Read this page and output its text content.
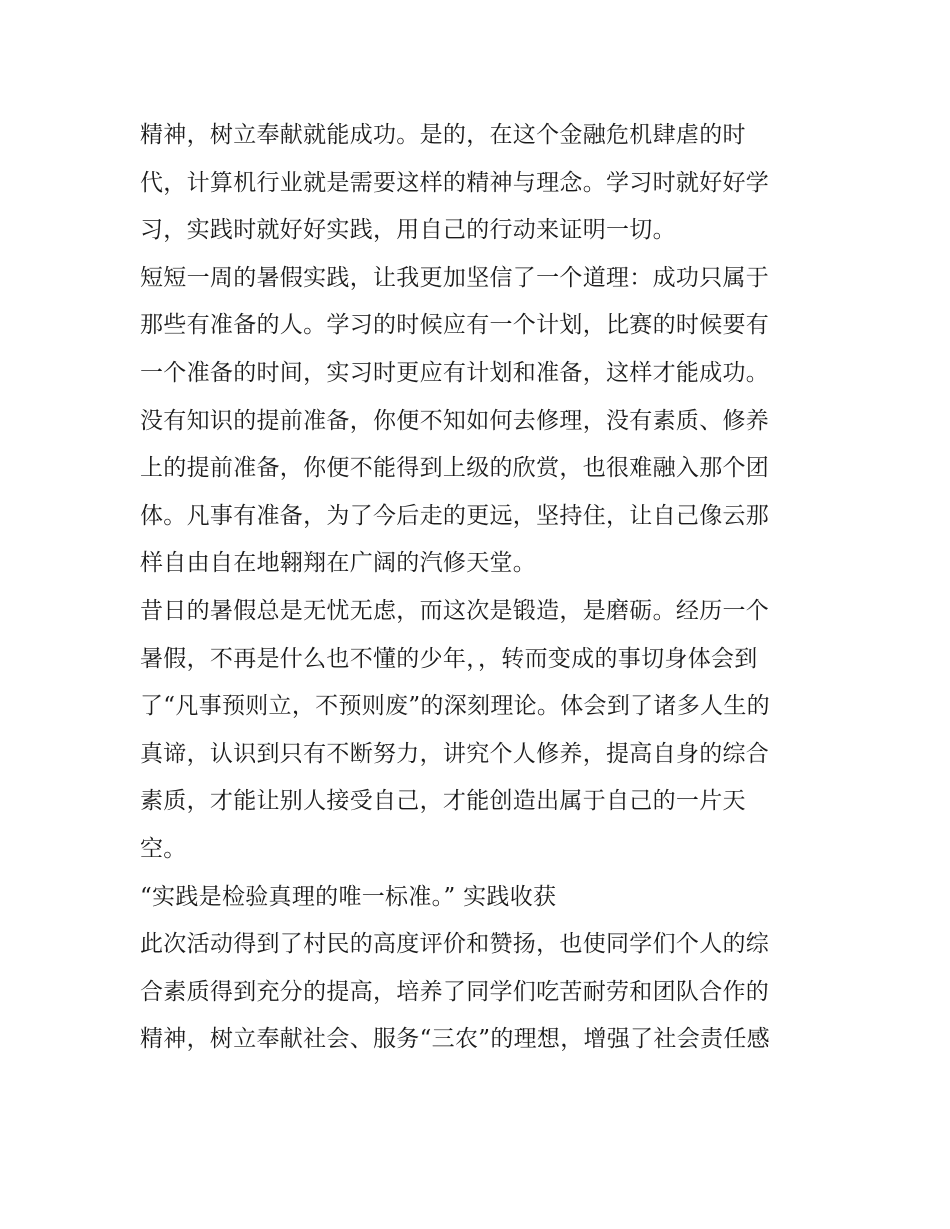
精神，树立奉献就能成功。是的，在这个金融危机肆虐的时
代，计算机行业就是需要这样的精神与理念。学习时就好好学
习，实践时就好好实践，用自己的行动来证明一切。
短短一周的暑假实践，让我更加坚信了一个道理：成功只属于
那些有准备的人。学习的时候应有一个计划，比赛的时候要有
一个准备的时间，实习时更应有计划和准备，这样才能成功。
没有知识的提前准备，你便不知如何去修理，没有素质、修养
上的提前准备，你便不能得到上级的欣赏，也很难融入那个团
体。凡事有准备，为了今后走的更远，坚持住，让自己像云那
样自由自在地翱翔在广阔的汽修天堂。
昔日的暑假总是无忧无虑，而这次是锻造，是磨砺。经历一个
暑假，不再是什么也不懂的少年，，转而变成的事切身体会到
了“凡事预则立，不预则废”的深刻理论。体会到了诸多人生的
真谛，认识到只有不断努力，讲究个人修养，提高自身的综合
素质，才能让别人接受自己，才能创造出属于自己的一片天
空。
“实践是检验真理的唯一标准。” 实践收获
此次活动得到了村民的高度评价和赞扬，也使同学们个人的综
合素质得到充分的提高，培养了同学们吃苦耐劳和团队合作的
精神，树立奉献社会、服务“三农”的理想，增强了社会责任感
